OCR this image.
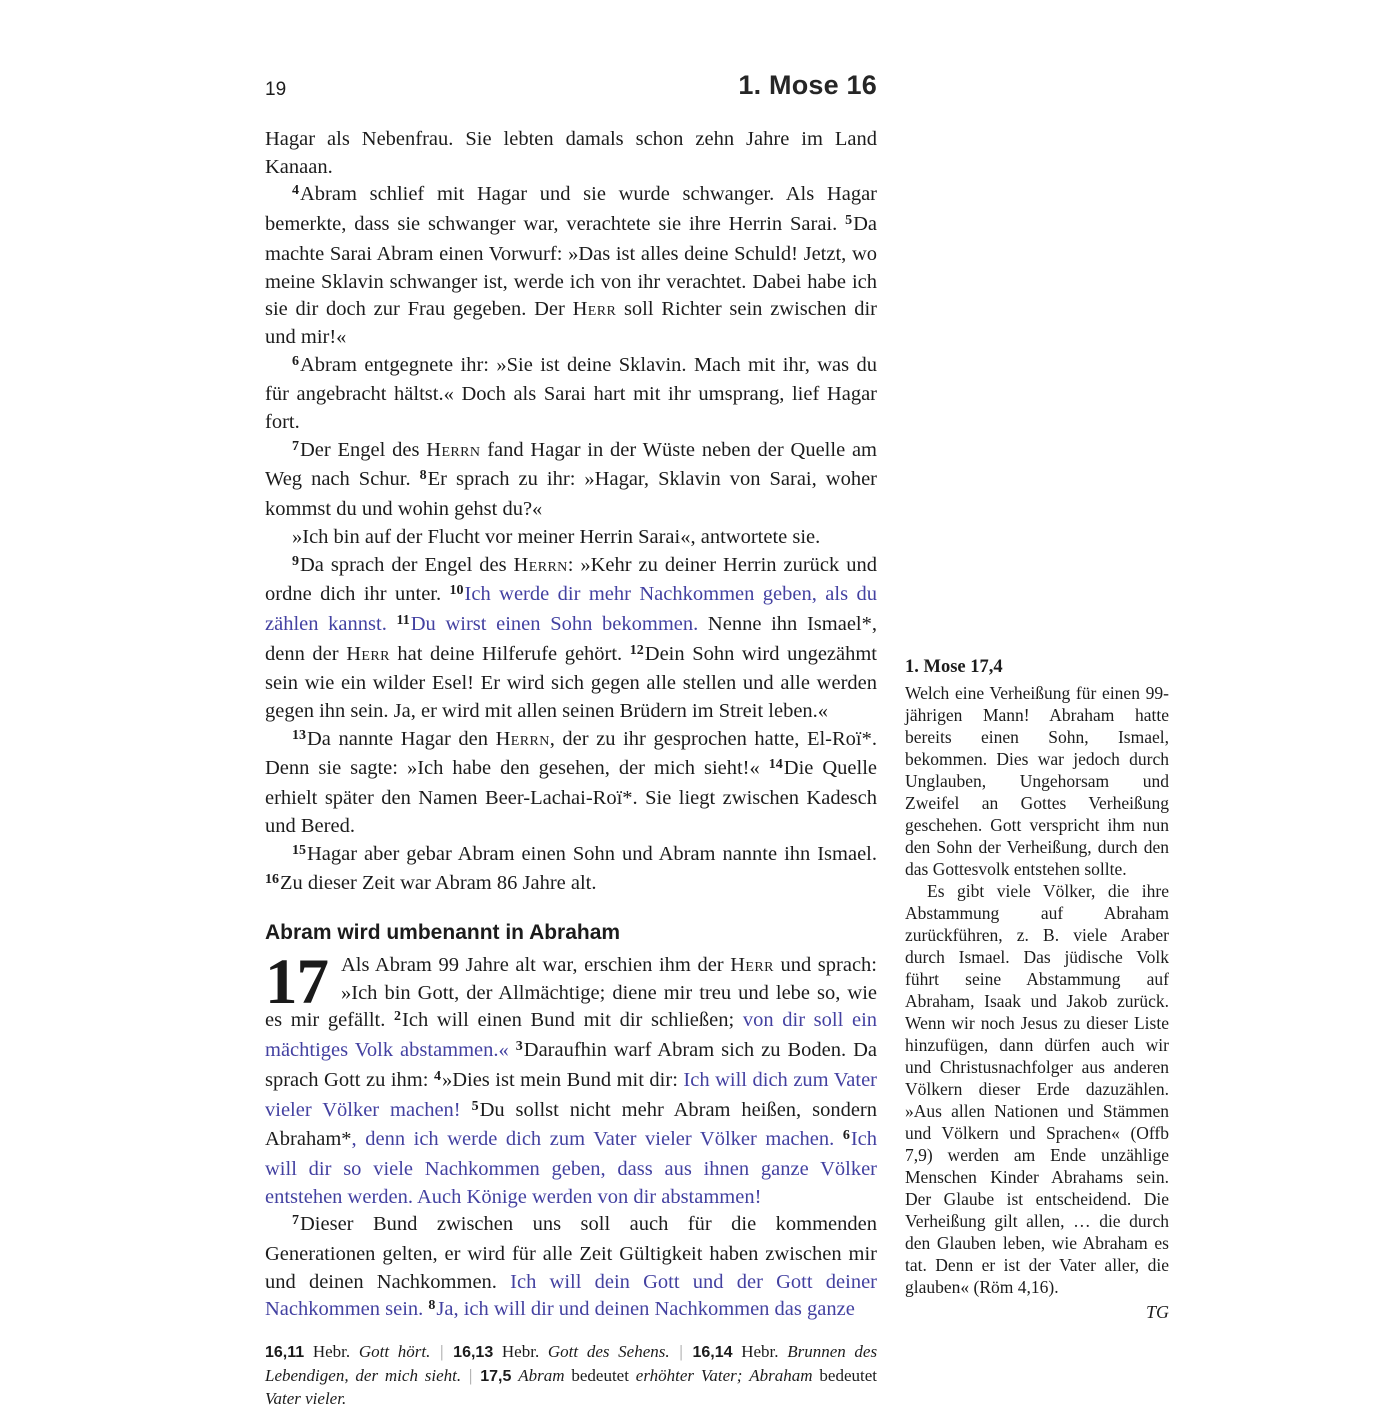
19	1. Mose 16

Hagar als Nebenfrau. Sie lebten damals schon zehn Jahre im Land Kanaan.

$^4$Abram schlief mit Hagar und sie wurde schwanger. Als Hagar bemerkte, dass sie schwanger war, verachtete sie ihre Herrin Sarai. $^5$Da machte Sarai Abram einen Vorwurf: »Das ist alles deine Schuld! Jetzt, wo meine Sklavin schwanger ist, werde ich von ihr verachtet. Dabei habe ich sie dir doch zur Frau gegeben. Der Herr soll Richter sein zwischen dir und mir!«

$^6$Abram entgegnete ihr: »Sie ist deine Sklavin. Mach mit ihr, was du für angebracht hältst.« Doch als Sarai hart mit ihr umsprang, lief Hagar fort.

$^7$Der Engel des Herrn fand Hagar in der Wüste neben der Quelle am Weg nach Schur. $^8$Er sprach zu ihr: »Hagar, Sklavin von Sarai, woher kommst du und wohin gehst du?«

»Ich bin auf der Flucht vor meiner Herrin Sarai«, antwortete sie.

$^9$Da sprach der Engel des Herrn: »Kehr zu deiner Herrin zurück und ordne dich ihr unter. $^{10}$Ich werde dir mehr Nachkommen geben, als du zählen kannst. $^{11}$Du wirst einen Sohn bekommen. Nenne ihn Ismael*, denn der Herr hat deine Hilferufe gehört. $^{12}$Dein Sohn wird ungezähmt sein wie ein wilder Esel! Er wird sich gegen alle stellen und alle werden gegen ihn sein. Ja, er wird mit allen seinen Brüdern im Streit leben.«

$^{13}$Da nannte Hagar den Herrn, der zu ihr gesprochen hatte, El-Roï*. Denn sie sagte: »Ich habe den gesehen, der mich sieht!« $^{14}$Die Quelle erhielt später den Namen Beer-Lachai-Roï*. Sie liegt zwischen Kadesch und Bered.

$^{15}$Hagar aber gebar Abram einen Sohn und Abram nannte ihn Ismael. $^{16}$Zu dieser Zeit war Abram 86 Jahre alt.

Abram wird umbenannt in Abraham

17 Als Abram 99 Jahre alt war, erschien ihm der Herr und sprach: »Ich bin Gott, der Allmächtige; diene mir treu und lebe so, wie es mir gefällt. $^2$Ich will einen Bund mit dir schließen; von dir soll ein mächtiges Volk abstammen.« $^3$Daraufhin warf Abram sich zu Boden. Da sprach Gott zu ihm: $^4$»Dies ist mein Bund mit dir: Ich will dich zum Vater vieler Völker machen! $^5$Du sollst nicht mehr Abram heißen, sondern Abraham*, denn ich werde dich zum Vater vieler Völker machen. $^6$Ich will dir so viele Nachkommen geben, dass aus ihnen ganze Völker entstehen werden. Auch Könige werden von dir abstammen!

$^7$Dieser Bund zwischen uns soll auch für die kommenden Generationen gelten, er wird für alle Zeit Gültigkeit haben zwischen mir und deinen Nachkommen. Ich will dein Gott und der Gott deiner Nachkommen sein. $^8$Ja, ich will dir und deinen Nachkommen das ganze

16,11 Hebr. Gott hört. | 16,13 Hebr. Gott des Sehens. | 16,14 Hebr. Brunnen des Lebendigen, der mich sieht. | 17,5 Abram bedeutet erhöhter Vater; Abraham bedeutet Vater vieler.

1. Mose 17,4

Welch eine Verheißung für einen 99-jährigen Mann! Abraham hatte bereits einen Sohn, Ismael, bekommen. Dies war jedoch durch Unglauben, Ungehorsam und Zweifel an Gottes Verheißung geschehen. Gott verspricht ihm nun den Sohn der Verheißung, durch den das Gottesvolk entstehen sollte.

Es gibt viele Völker, die ihre Abstammung auf Abraham zurückführen, z. B. viele Araber durch Ismael. Das jüdische Volk führt seine Abstammung auf Abraham, Isaak und Jakob zurück. Wenn wir noch Jesus zu dieser Liste hinzufügen, dann dürfen auch wir und Christusnachfolger aus anderen Völkern dieser Erde dazuzählen. »Aus allen Nationen und Stämmen und Völkern und Sprachen« (Offb 7,9) werden am Ende unzählige Menschen Kinder Abrahams sein. Der Glaube ist entscheidend. Die Verheißung gilt allen, … die durch den Glauben leben, wie Abraham es tat. Denn er ist der Vater aller, die glauben« (Röm 4,16).

TG
